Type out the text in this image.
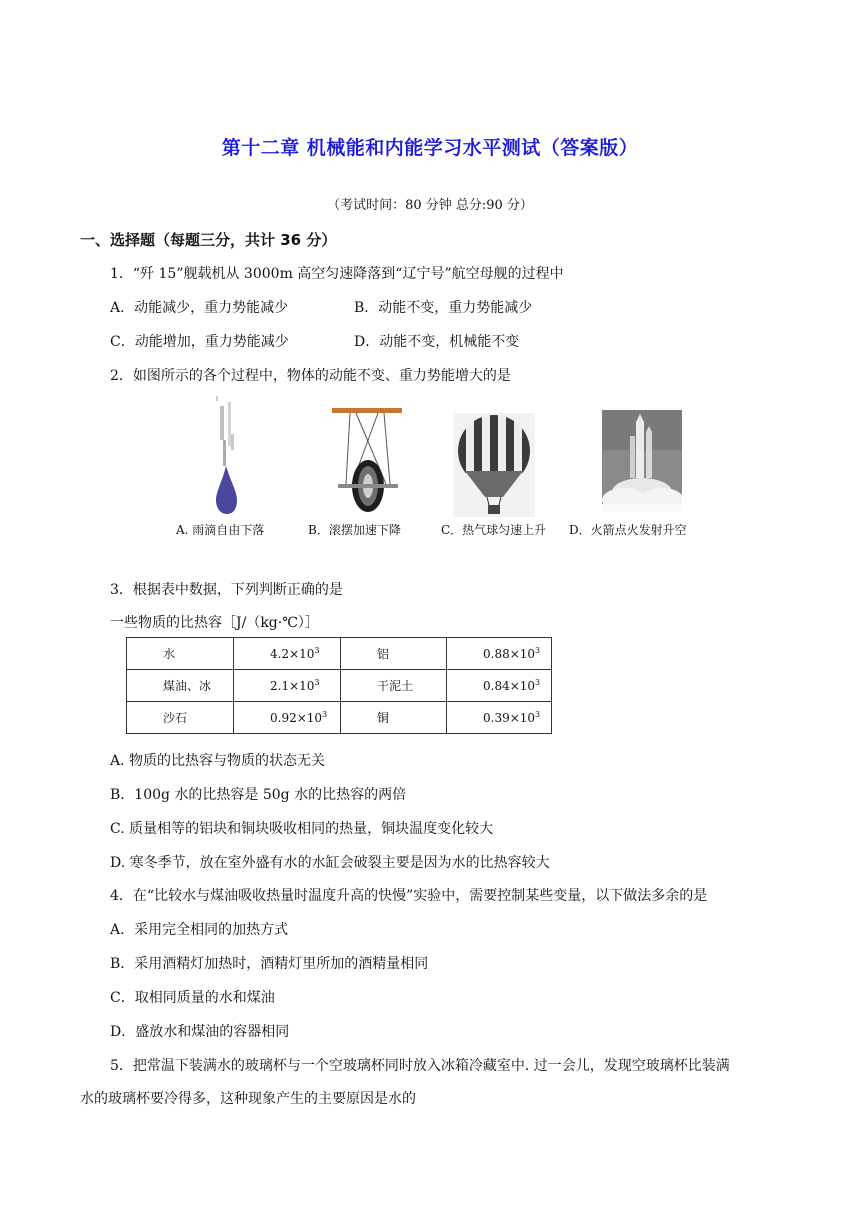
第十二章 机械能和内能学习水平测试（答案版）
（考试时间：80 分钟 总分:90 分）
一、选择题（每题三分，共计 36 分）
1．“歼 15”舰载机从 3000m 高空匀速降落到“辽宁号”航空母舰的过程中
A．动能减少，重力势能减少	B．动能不变，重力势能减少
C．动能增加，重力势能减少	D．动能不变，机械能不变
2．如图所示的各个过程中，物体的动能不变、重力势能增大的是
A. 雨滴自由下落	B．滚摆加速下降	C．热气球匀速上升 D．火箭点火发射升空
3．根据表中数据，下列判断正确的是
一些物质的比热容［J/（kg·℃）］
水	$4.2\times 10^3$	铝	$0.88\times 10^3$
煤油、冰	$2.1\times 10^3$	干泥土	$0.84\times 10^3$
沙石	$0.92\times 10^3$	铜	$0.39\times 10^3$
A. 物质的比热容与物质的状态无关
B．100g 水的比热容是 50g 水的比热容的两倍
C. 质量相等的铝块和铜块吸收相同的热量，铜块温度变化较大
D. 寒冬季节，放在室外盛有水的水缸会破裂主要是因为水的比热容较大
4．在“比较水与煤油吸收热量时温度升高的快慢”实验中，需要控制某些变量，以下做法多余的是
A．采用完全相同的加热方式
B．采用酒精灯加热时，酒精灯里所加的酒精量相同
C．取相同质量的水和煤油
D．盛放水和煤油的容器相同
5．把常温下装满水的玻璃杯与一个空玻璃杯同时放入冰箱冷藏室中. 过一会儿，发现空玻璃杯比装满
水的玻璃杯要冷得多，这种现象产生的主要原因是水的
